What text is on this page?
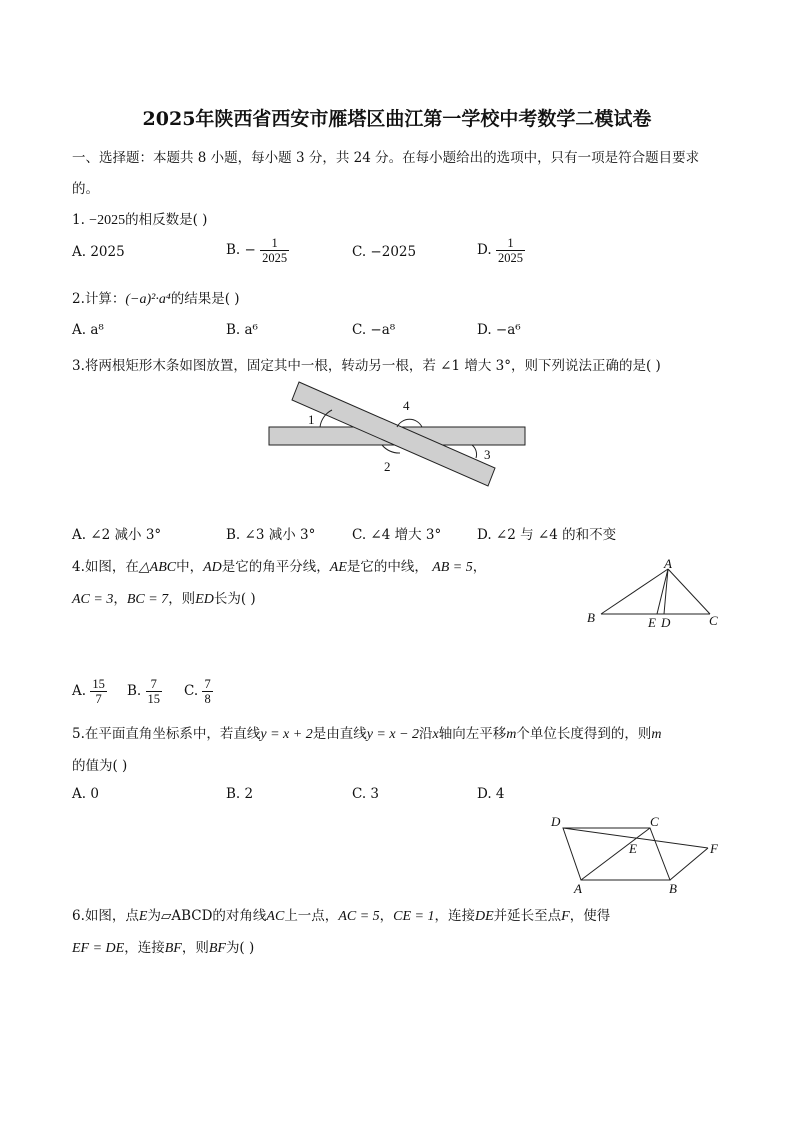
2025年陕西省西安市雁塔区曲江第一学校中考数学二模试卷
一、选择题：本题共 8 小题，每小题 3 分，共 24 分。在每小题给出的选项中，只有一项是符合题目要求
的。
1. −2025的相反数是( )
A. 2025	B. − $\frac{1}{2025}$	C. −2025	D. $\frac{1}{2025}$
2.计算：(−a)²·a⁴的结果是( )
A. a⁸	B. a⁶	C. −a⁸	D. −a⁶
3.将两根矩形木条如图放置，固定其中一根，转动另一根，若 ∠1 增大 3°，则下列说法正确的是( )
1
2
3
4
A. ∠2 减小 3°	B. ∠3 减小 3°	C. ∠4 增大 3°	D. ∠2 与 ∠4 的和不变
4.如图，在△ABC中，AD是它的角平分线，AE是它的中线， AB = 5，
AC = 3，BC = 7，则ED长为( )
A
B	E D	C
A. $\frac{15}{7} B$. $\frac{7}{15} C$. $\frac{7}{8}$
5.在平面直角坐标系中，若直线y = x + 2是由直线y = x − 2沿x轴向左平移m个单位长度得到的，则m
的值为( )
A. 0	B. 2	C. 3	D. 4
D	C
E	F
A	B
6.如图，点E为▱ABCD的对角线AC上一点，AC = 5，CE = 1，连接DE并延长至点F，使得
EF = DE，连接BF，则BF为( )
